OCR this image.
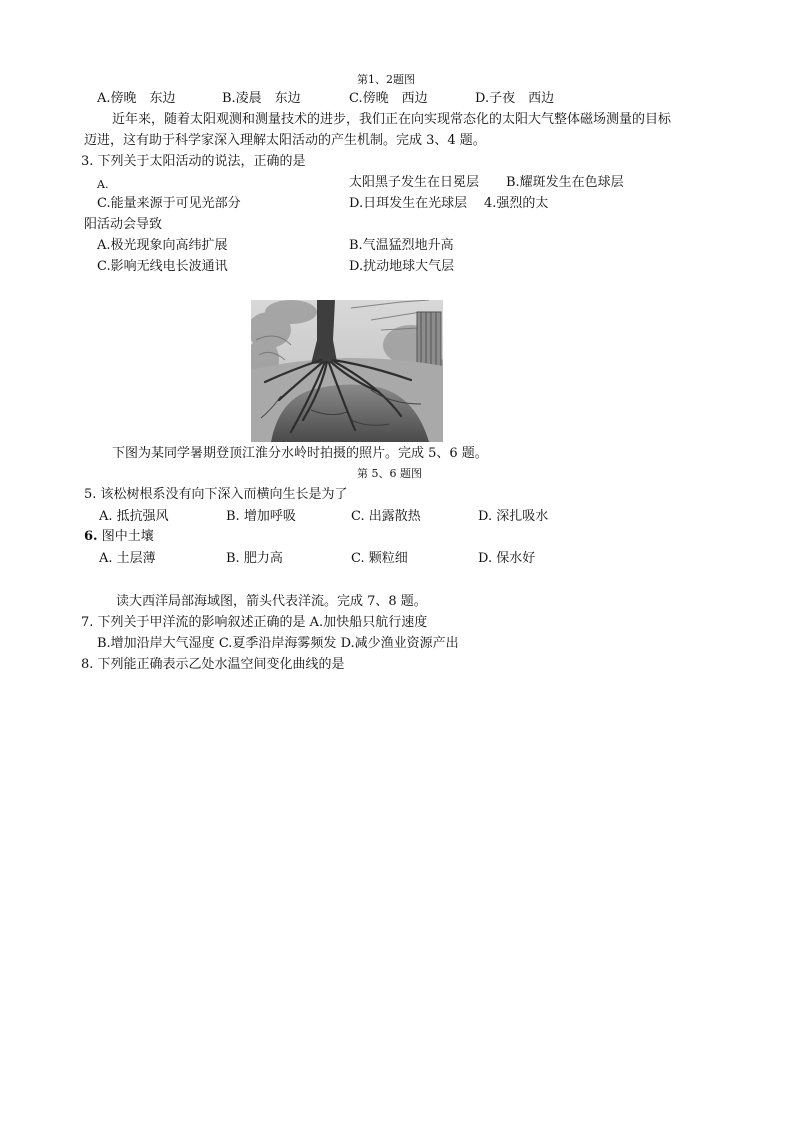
第1、2题图
A.傍晚　东边	B.凌晨　东边	C.傍晚　西边	D.子夜　西边
近年来，随着太阳观测和测量技术的进步，我们正在向实现常态化的太阳大气整体磁场测量的目标
迈进，这有助于科学家深入理解太阳活动的产生机制。完成 3、4 题。
3. 下列关于太阳活动的说法，正确的是
A.	太阳黑子发生在日冕层 B.耀斑发生在色球层
C.能量来源于可见光部分	D.日珥发生在光球层 4.强烈的太
阳活动会导致
A.极光现象向高纬扩展	B.气温猛烈地升高
C.影响无线电长波通讯	D.扰动地球大气层
下图为某同学暑期登顶江淮分水岭时拍摄的照片。完成 5、6 题。
第 5、6 题图
5. 该松树根系没有向下深入而横向生长是为了
A. 抵抗强风	B. 增加呼吸	C. 出露散热	D. 深扎吸水
6. 图中土壤
A. 土层薄	B. 肥力高	C. 颗粒细	D. 保水好
读大西洋局部海域图，箭头代表洋流。完成 7、8 题。
7. 下列关于甲洋流的影响叙述正确的是 A.加快船只航行速度
B.增加沿岸大气湿度 C.夏季沿岸海雾频发 D.减少渔业资源产出
8. 下列能正确表示乙处水温空间变化曲线的是
